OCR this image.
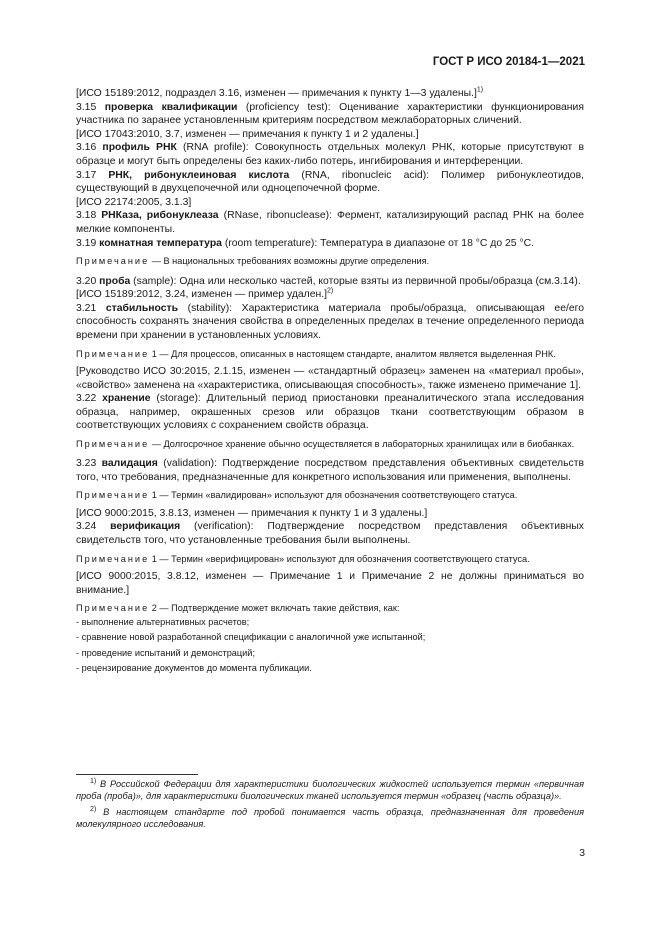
ГОСТ Р ИСО 20184-1—2021

[ИСО 15189:2012, подраздел 3.16, изменен — примечания к пункту 1—3 удалены.]$^{1)}$

3.15 проверка квалификации (proficiency test): Оценивание характеристики функционирования участника по заранее установленным критериям посредством межлабораторных сличений.

[ИСО 17043:2010, 3.7, изменен — примечания к пункту 1 и 2 удалены.]

3.16 профиль РНК (RNA profile): Совокупность отдельных молекул РНК, которые присутствуют в образце и могут быть определены без каких-либо потерь, ингибирования и интерференции.

3.17 РНК, рибонуклеиновая кислота (RNA, ribonucleic acid): Полимер рибонуклеотидов, существующий в двухцепочечной или одноцепочечной форме.

[ИСО 22174:2005, 3.1.3]

3.18 РНКаза, рибонуклеаза (RNase, ribonuclease): Фермент, катализирующий распад РНК на более мелкие компоненты.

3.19 комнатная температура (room temperature): Температура в диапазоне от 18 °С до 25 °С.

Примечание — В национальных требованиях возможны другие определения.

3.20 проба (sample): Одна или несколько частей, которые взяты из первичной пробы/образца (см.3.14).

[ИСО 15189:2012, 3.24, изменен — пример удален.]$^{2)}$

3.21 стабильность (stability): Характеристика материала пробы/образца, описывающая ее/его способность сохранять значения свойства в определенных пределах в течение определенного периода времени при хранении в установленных условиях.

Примечание 1 — Для процессов, описанных в настоящем стандарте, аналитом является выделенная РНК.

[Руководство ИСО 30:2015, 2.1.15, изменен — «стандартный образец» заменен на «материал пробы», «свойство» заменена на «характеристика, описывающая способность», также изменено примечание 1].

3.22 хранение (storage): Длительный период приостановки преаналитического этапа исследования образца, например, окрашенных срезов или образцов ткани соответствующим образом в соответствующих условиях с сохранением свойств образца.

Примечание — Долгосрочное хранение обычно осуществляется в лабораторных хранилищах или в биобанках.

3.23 валидация (validation): Подтверждение посредством представления объективных свидетельств того, что требования, предназначенные для конкретного использования или применения, выполнены.

Примечание 1 — Термин «валидирован» используют для обозначения соответствующего статуса.

[ИСО 9000:2015, 3.8.13, изменен — примечания к пункту 1 и 3 удалены.]

3.24 верификация (verification): Подтверждение посредством представления объективных свидетельств того, что установленные требования были выполнены.

Примечание 1 — Термин «верифицирован» используют для обозначения соответствующего статуса.

[ИСО 9000:2015, 3.8.12, изменен — Примечание 1 и Примечание 2 не должны приниматься во внимание.]

Примечание 2 — Подтверждение может включать такие действия, как:

- выполнение альтернативных расчетов;

- сравнение новой разработанной спецификации с аналогичной уже испытанной;

- проведение испытаний и демонстраций;

- рецензирование документов до момента публикации.

$^{1)}$ В Российской Федерации для характеристики биологических жидкостей используется термин «первичная проба (проба)», для характеристики биологических тканей используется термин «образец (часть образца)».

$^{2)}$ В настоящем стандарте под пробой понимается часть образца, предназначенная для проведения молекулярного исследования.

3
